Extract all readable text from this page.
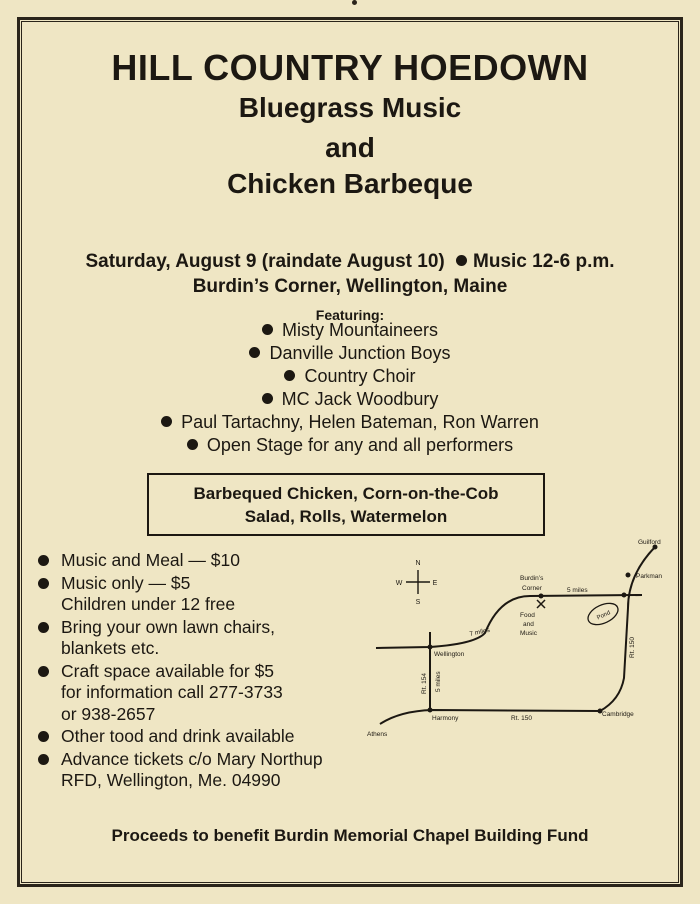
HILL COUNTRY HOEDOWN
Bluegrass Music
and
Chicken Barbeque
Saturday, August 9 (raindate August 10) Music 12-6 p.m.
Burdin’s Corner, Wellington, Maine
Featuring:
Misty Mountaineers
Danville Junction Boys
Country Choir
MC Jack Woodbury
Paul Tartachny, Helen Bateman, Ron Warren
Open Stage for any and all performers
Barbequed Chicken, Corn-on-the-Cob
Salad, Rolls, Watermelon
Music and Meal — $10
Music only — $5
Children under 12 free
Bring your own lawn chairs,
blankets etc.
Craft space available for $5
for information call 277-3733
or 938-2657
Other tood and drink available
Advance tickets c/o Mary Northup
RFD, Wellington, Me. 04990
N
S
W	E
Guilford
Parkman
Burdin’s
Corner	5 miles
Pond
Food
and
Music
7 miles
Wellington	Rt. 150
Rt. 154 5 miles
Harmony	Rt. 150
Cambridge
Athens
Proceeds to benefit Burdin Memorial Chapel Building Fund
